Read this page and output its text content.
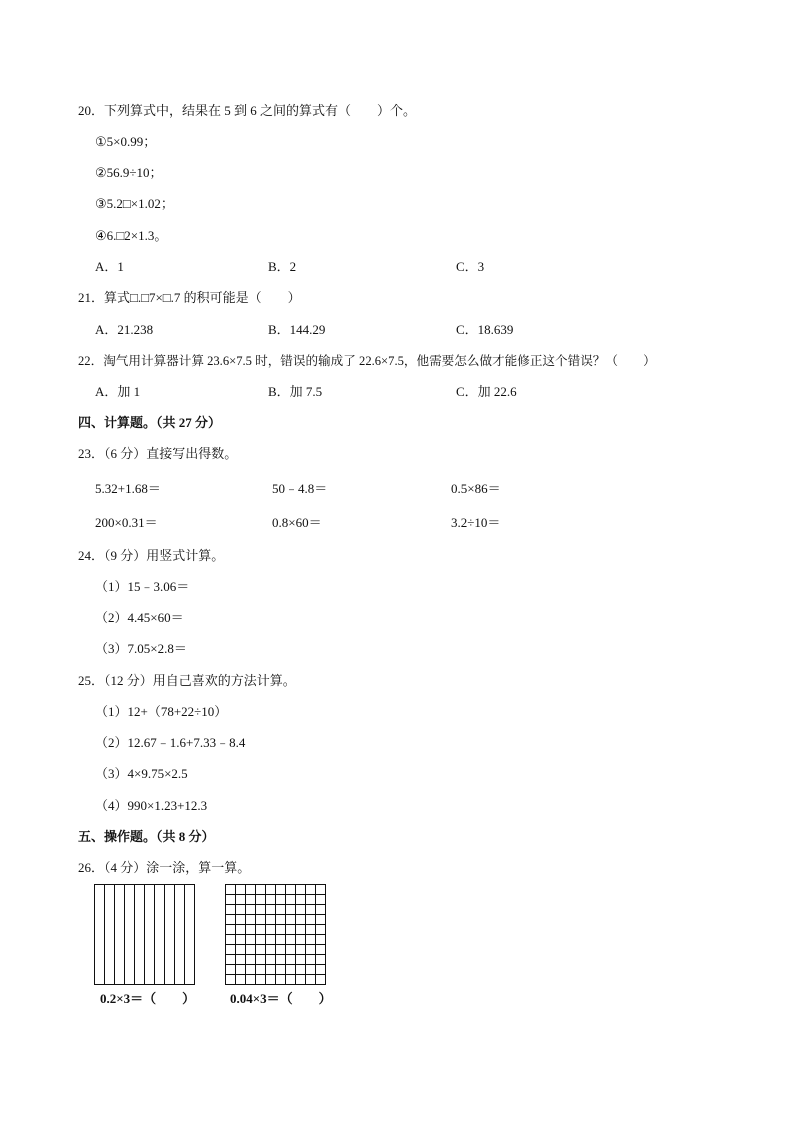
20．下列算式中，结果在 5 到 6 之间的算式有（　　）个。
①5×0.99；
②56.9÷10；
③5.2□×1.02；
④6.□2×1.3。
A．1	B．2	C．3
21．算式□.□7×□.7 的积可能是（　　）
A．21.238	B．144.29	C．18.639
22．淘气用计算器计算 23.6×7.5 时，错误的输成了 22.6×7.5，他需要怎么做才能修正这个错误？（　　）
A．加 1	B．加 7.5	C．加 22.6
四、计算题。（共 27 分）
23．（6 分）直接写出得数。
5.32+1.68＝	50﹣4.8＝	0.5×86＝
200×0.31＝	0.8×60＝	3.2÷10＝
24．（9 分）用竖式计算。
（1）15﹣3.06＝
（2）4.45×60＝
（3）7.05×2.8＝
25．（12 分）用自己喜欢的方法计算。
（1）12+（78+22÷10）
（2）12.67﹣1.6+7.33﹣8.4
（3）4×9.75×2.5
（4）990×1.23+12.3
五、操作题。（共 8 分）
26．（4 分）涂一涂，算一算。
0.2×3＝（　　）	0.04×3＝（　　）
